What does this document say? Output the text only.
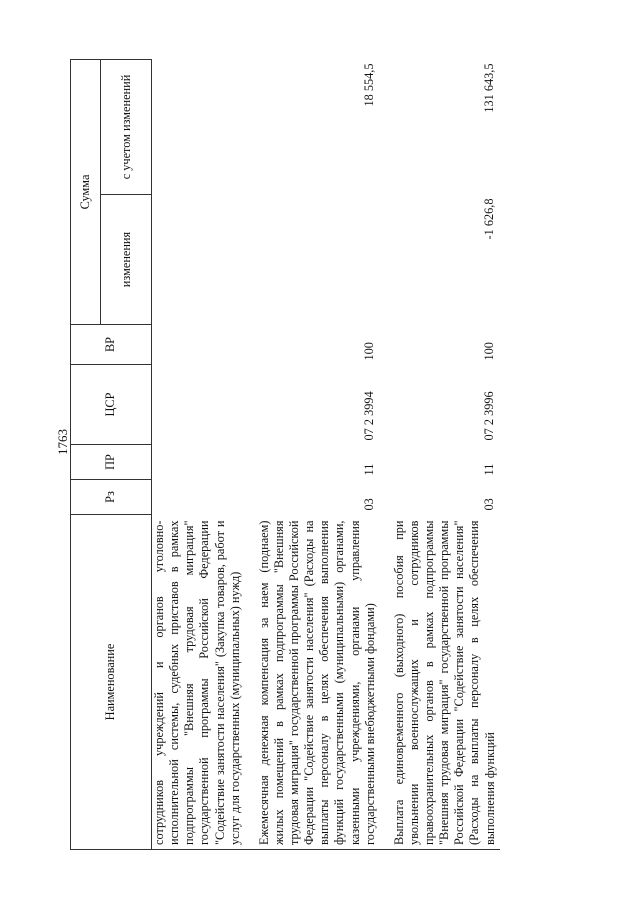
1763
Наименование	Рз	ПР	ЦСР	ВР	Сумма	
					изменения	с учетом изменений
сотрудников учреждений и органов уголовно-исполнительной системы, судебных приставов в рамках подпрограммы "Внешняя трудовая миграция" государственной программы Российской Федерации "Содействие занятости населения" (Закупка товаров, работ и услуг для государственных (муниципальных) нужд)						

Ежемесячная денежная компенсация за наем (поднаем) жилых помещений в рамках подпрограммы "Внешняя трудовая миграция" государственной программы Российской Федерации "Содействие занятости населения" (Расходы на выплаты персоналу в целях обеспечения выполнения функций государственными (муниципальными) органами, казенными учреждениями, органами управления государственными внебюджетными фондами)	03	11	07 2 3994	100		18 554,5

Выплата единовременного (выходного) пособия при увольнении военнослужащих и сотрудников правоохранительных органов в рамках подпрограммы "Внешняя трудовая миграция" государственной программы Российской Федерации "Содействие занятости населения" (Расходы на выплаты персоналу в целях обеспечения выполнения функций	03	11	07 2 3996	100	-1 626,8	131 643,5
